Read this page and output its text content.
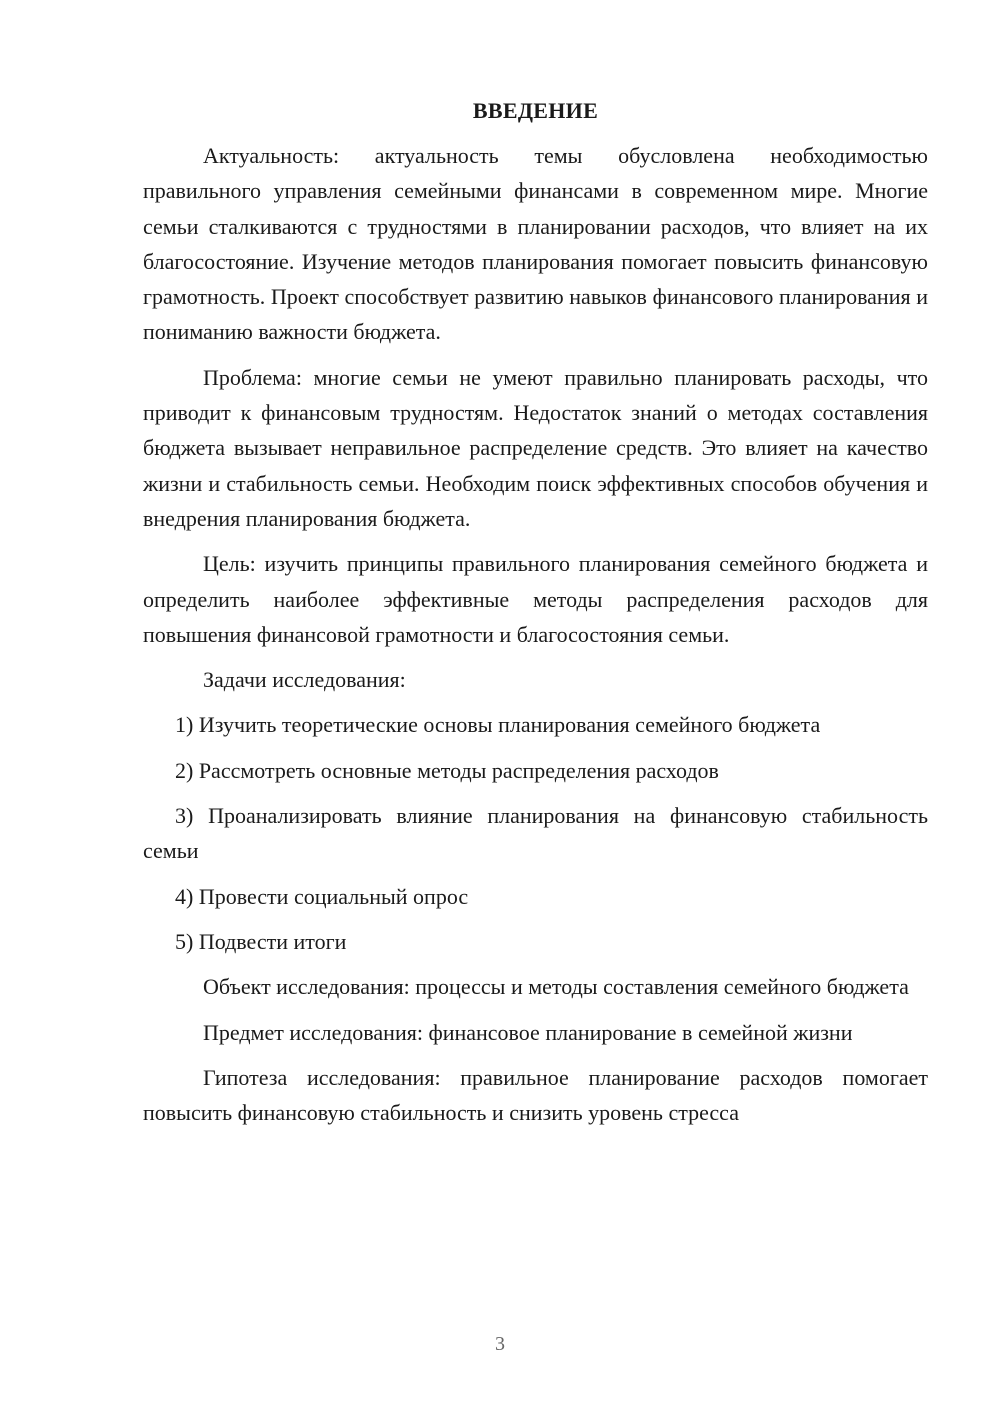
ВВЕДЕНИЕ

Актуальность: актуальность темы обусловлена необходимостью правильного управления семейными финансами в современном мире. Многие семьи сталкиваются с трудностями в планировании расходов, что влияет на их благосостояние. Изучение методов планирования помогает повысить финансовую грамотность. Проект способствует развитию навыков финансового планирования и пониманию важности бюджета.

Проблема: многие семьи не умеют правильно планировать расходы, что приводит к финансовым трудностям. Недостаток знаний о методах составления бюджета вызывает неправильное распределение средств. Это влияет на качество жизни и стабильность семьи. Необходим поиск эффективных способов обучения и внедрения планирования бюджета.

Цель: изучить принципы правильного планирования семейного бюджета и определить наиболее эффективные методы распределения расходов для повышения финансовой грамотности и благосостояния семьи.

Задачи исследования:

1) Изучить теоретические основы планирования семейного бюджета

2) Рассмотреть основные методы распределения расходов

3) Проанализировать влияние планирования на финансовую стабильность семьи

4) Провести социальный опрос

5) Подвести итоги

Объект исследования: процессы и методы составления семейного бюджета

Предмет исследования: финансовое планирование в семейной жизни

Гипотеза исследования: правильное планирование расходов помогает повысить финансовую стабильность и снизить уровень стресса

3
